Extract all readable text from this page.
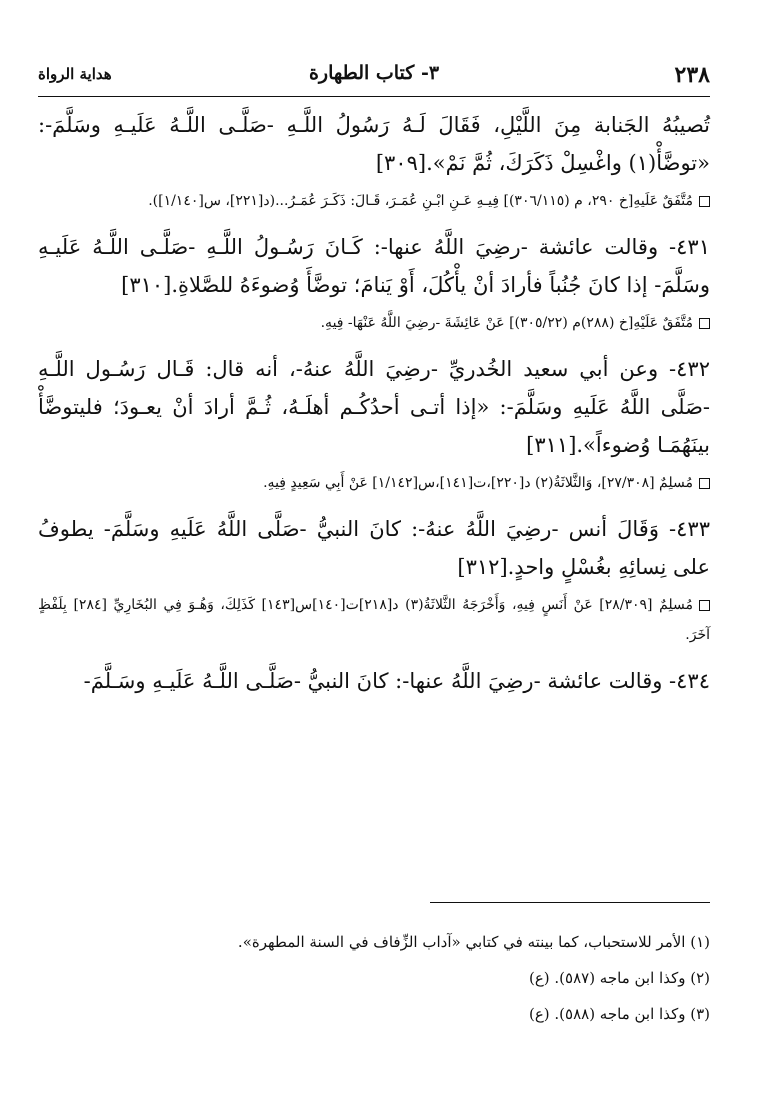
٢٣٨
٣- كتاب الطهارة
هداية الرواة

تُصيبُهُ الجَنابة مِنَ اللَّيْلِ، فَقَالَ لَـهُ رَسُولُ اللَّـهِ -صَلَّـى اللَّـهُ عَلَيـهِ وسَلَّمَ-: «توضَّأْ(١) واغْسِلْ ذَكَرَكَ، ثُمَّ نَمْ».[٣٠٩]

مُتَّفَقٌ عَلَيهِ[خ ٢٩٠، م (٣٠٦/١١٥)] فِيـهِ عَـنِ ابْـنِ عُمَـرَ، قَـالَ: ذَكَـرَ عُمَـرُ...(د[٢٢١]، س[١/١٤٠]).

٤٣١- وقالت عائشة -رضِيَ اللَّهُ عنها-: كَـانَ رَسُـولُ اللَّـهِ -صَلَّـى اللَّـهُ عَلَيـهِ وسَلَّمَ- إذا كانَ جُنُباً فأرادَ أنْ يأْكُلَ، أَوْ يَنامَ؛ توضَّأَ وُضوءَهُ للصَّلاةِ.[٣١٠]

مُتَّفَقٌ عَلَيْهِ[خ (٢٨٨)م (٣٠٥/٢٢)] عَنْ عَائِشَةَ -رضِيَ اللَّهُ عَنْهَا- فِيهِ.

٤٣٢- وعن أبي سعيد الخُدريِّ -رضِيَ اللَّهُ عنهُ-، أنه قال: قَـال رَسُـول اللَّـهِ -صَلَّى اللَّهُ عَلَيهِ وسَلَّمَ-: «إذا أتـى أحدُكُـم أهلَـهُ، ثُـمَّ أرادَ أنْ يعـودَ؛ فليتوضَّأْ بينَهُمَـا وُضوءاً».[٣١١]

مُسلِمٌ [٢٧/٣٠٨]، وَالثَّلاثَةُ(٢) د[٢٢٠]،ت[١٤١]،س[١/١٤٢] عَنْ أَبِي سَعِيدٍ فِيهِ.

٤٣٣- وَقَالَ أنس -رضِيَ اللَّهُ عنهُ-: كانَ النبيُّ -صَلَّى اللَّهُ عَلَيهِ وسَلَّمَ- يطوفُ على نِسائِهِ بغُسْلٍ واحدٍ.[٣١٢]

مُسلِمٌ [٢٨/٣٠٩] عَنْ أَنَسٍ فِيهِ، وَأَخْرَجَهُ الثَّلاثَةُ(٣) د[٢١٨]ت[١٤٠]س[١٤٣] كَذَلِكَ، وَهُـوَ فِي البُخَارِيِّ [٢٨٤] بِلَفْظٍ آخَرَ.

٤٣٤- وقالت عائشة -رضِيَ اللَّهُ عنها-: كانَ النبيُّ -صَلَّـى اللَّـهُ عَلَيـهِ وسَـلَّمَ-

(١) الأمر للاستحباب، كما بينته في كتابي «آداب الزِّفاف في السنة المطهرة».

(٢) وكذا ابن ماجه (٥٨٧). (ع)

(٣) وكذا ابن ماجه (٥٨٨). (ع)
